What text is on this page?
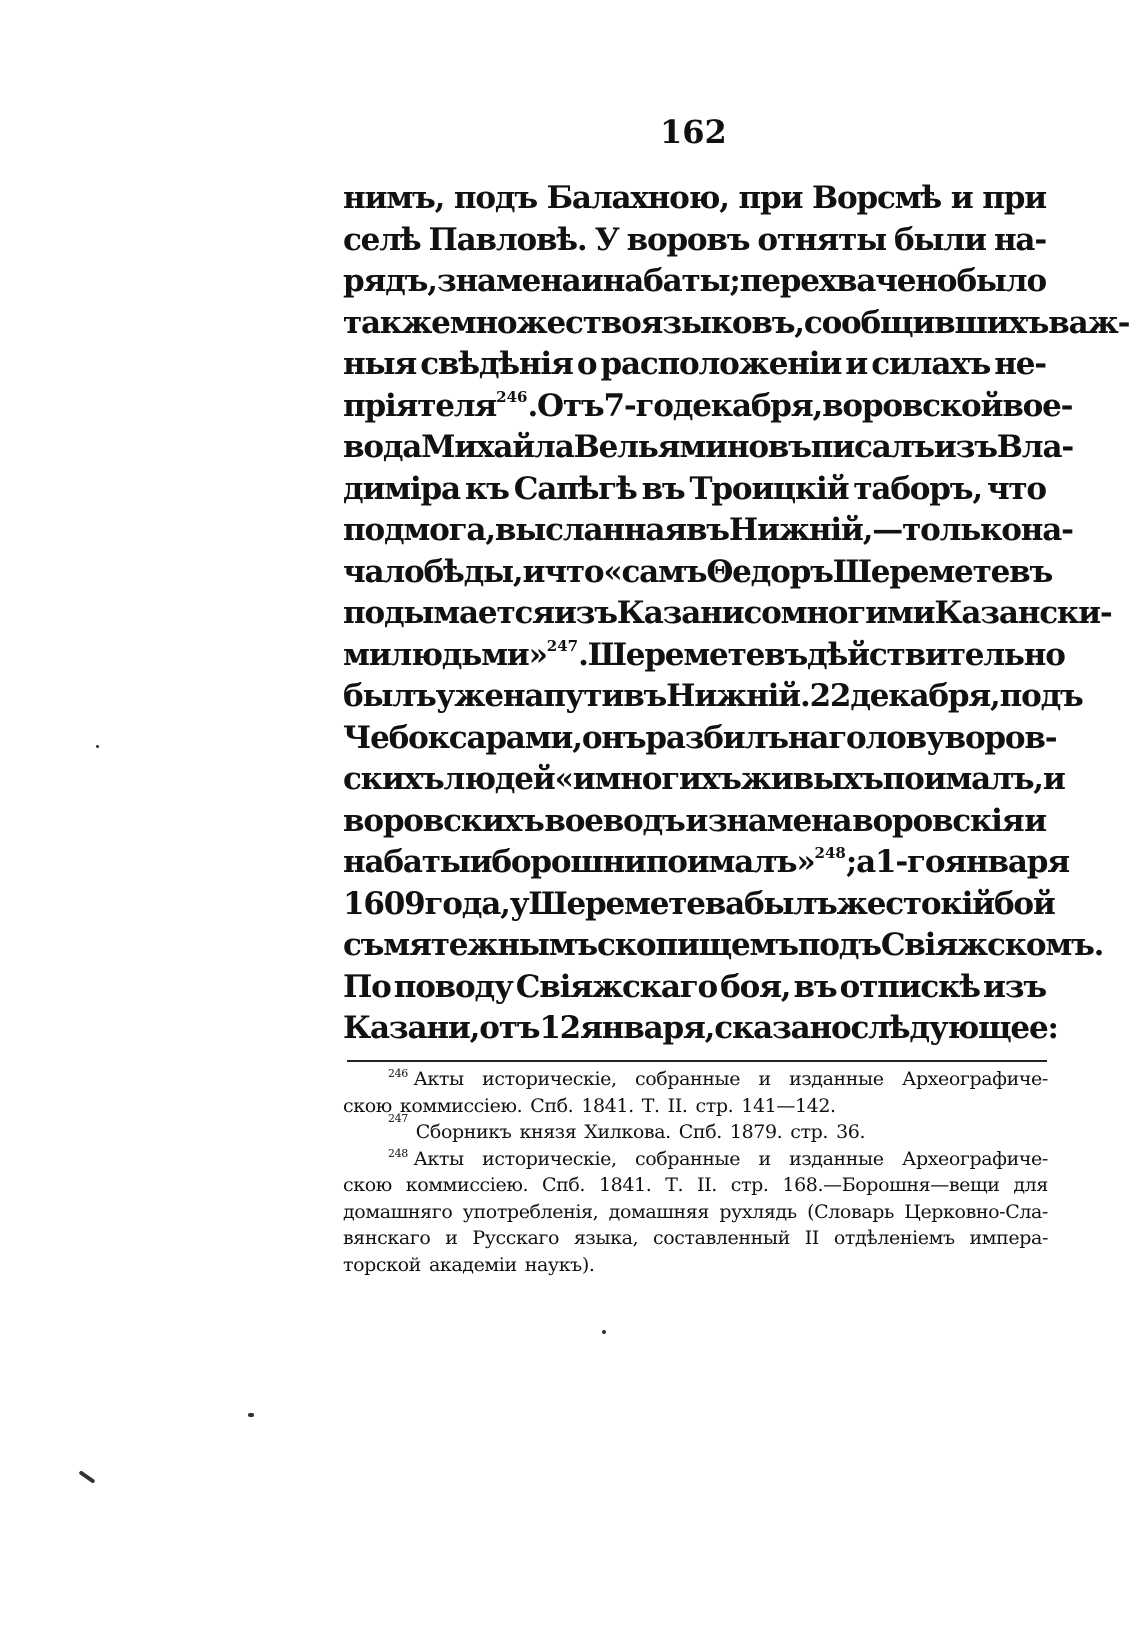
162
нимъ, подъ Балахною, при Ворсмѣ и при
селѣ Павловѣ. У воровъ отняты были на-
рядъ, знамена и набаты; перехвачено было
также множество языковъ, сообщившихъ важ-
ныя свѣдѣнія о расположеніи и силахъ не-
пріятеля$^{246}$. Отъ 7-го декабря, воровской вое-
вода Михайла Вельяминовъ писалъ изъ Вла-
диміра къ Сапѣгѣ въ Троицкій таборъ, что
подмога, высланная въ Нижній,—только на-
чало бѣды, и что «самъ Θедоръ Шереметевъ
подымается изъ Казани со многими Казански-
ми людьми»$^{247}$. Шереметевъ дѣйствительно
былъ уже на пути въ Нижній. 22 декабря, подъ
Чебоксарами, онъ разбилъ на голову воров-
скихъ людей «и многихъ живыхъ поималъ, и
воровскихъ воеводъ и знамена воровскія и
набаты и борошни поималъ»$^{248}$; а 1-го января
1609 года, у Шереметева былъ жестокій бой
съ мятежнымъ скопищемъ подъ Свіяжскомъ.
По поводу Свіяжскаго боя, въ отпискѣ изъ
Казани, отъ 12 января, сказано слѣдующее:
$^{246}$ Акты историческіе, собранные и изданные Археографиче-
скою коммиссіею. Спб. 1841. Т. II. стр. 141—142.
247
Сборникъ князя Хилкова. Спб. 1879. стр. 36.
$^{248}$ Акты историческіе, собранные и изданные Археографиче-
скою коммиссіею. Спб. 1841. Т. II. стр. 168.—Борошня—вещи для
домашняго употребленія, домашняя рухлядь (Словарь Церковно-Сла-
вянскаго и Русскаго языка, составленный II отдѣленіемъ импера-
торской академіи наукъ).
